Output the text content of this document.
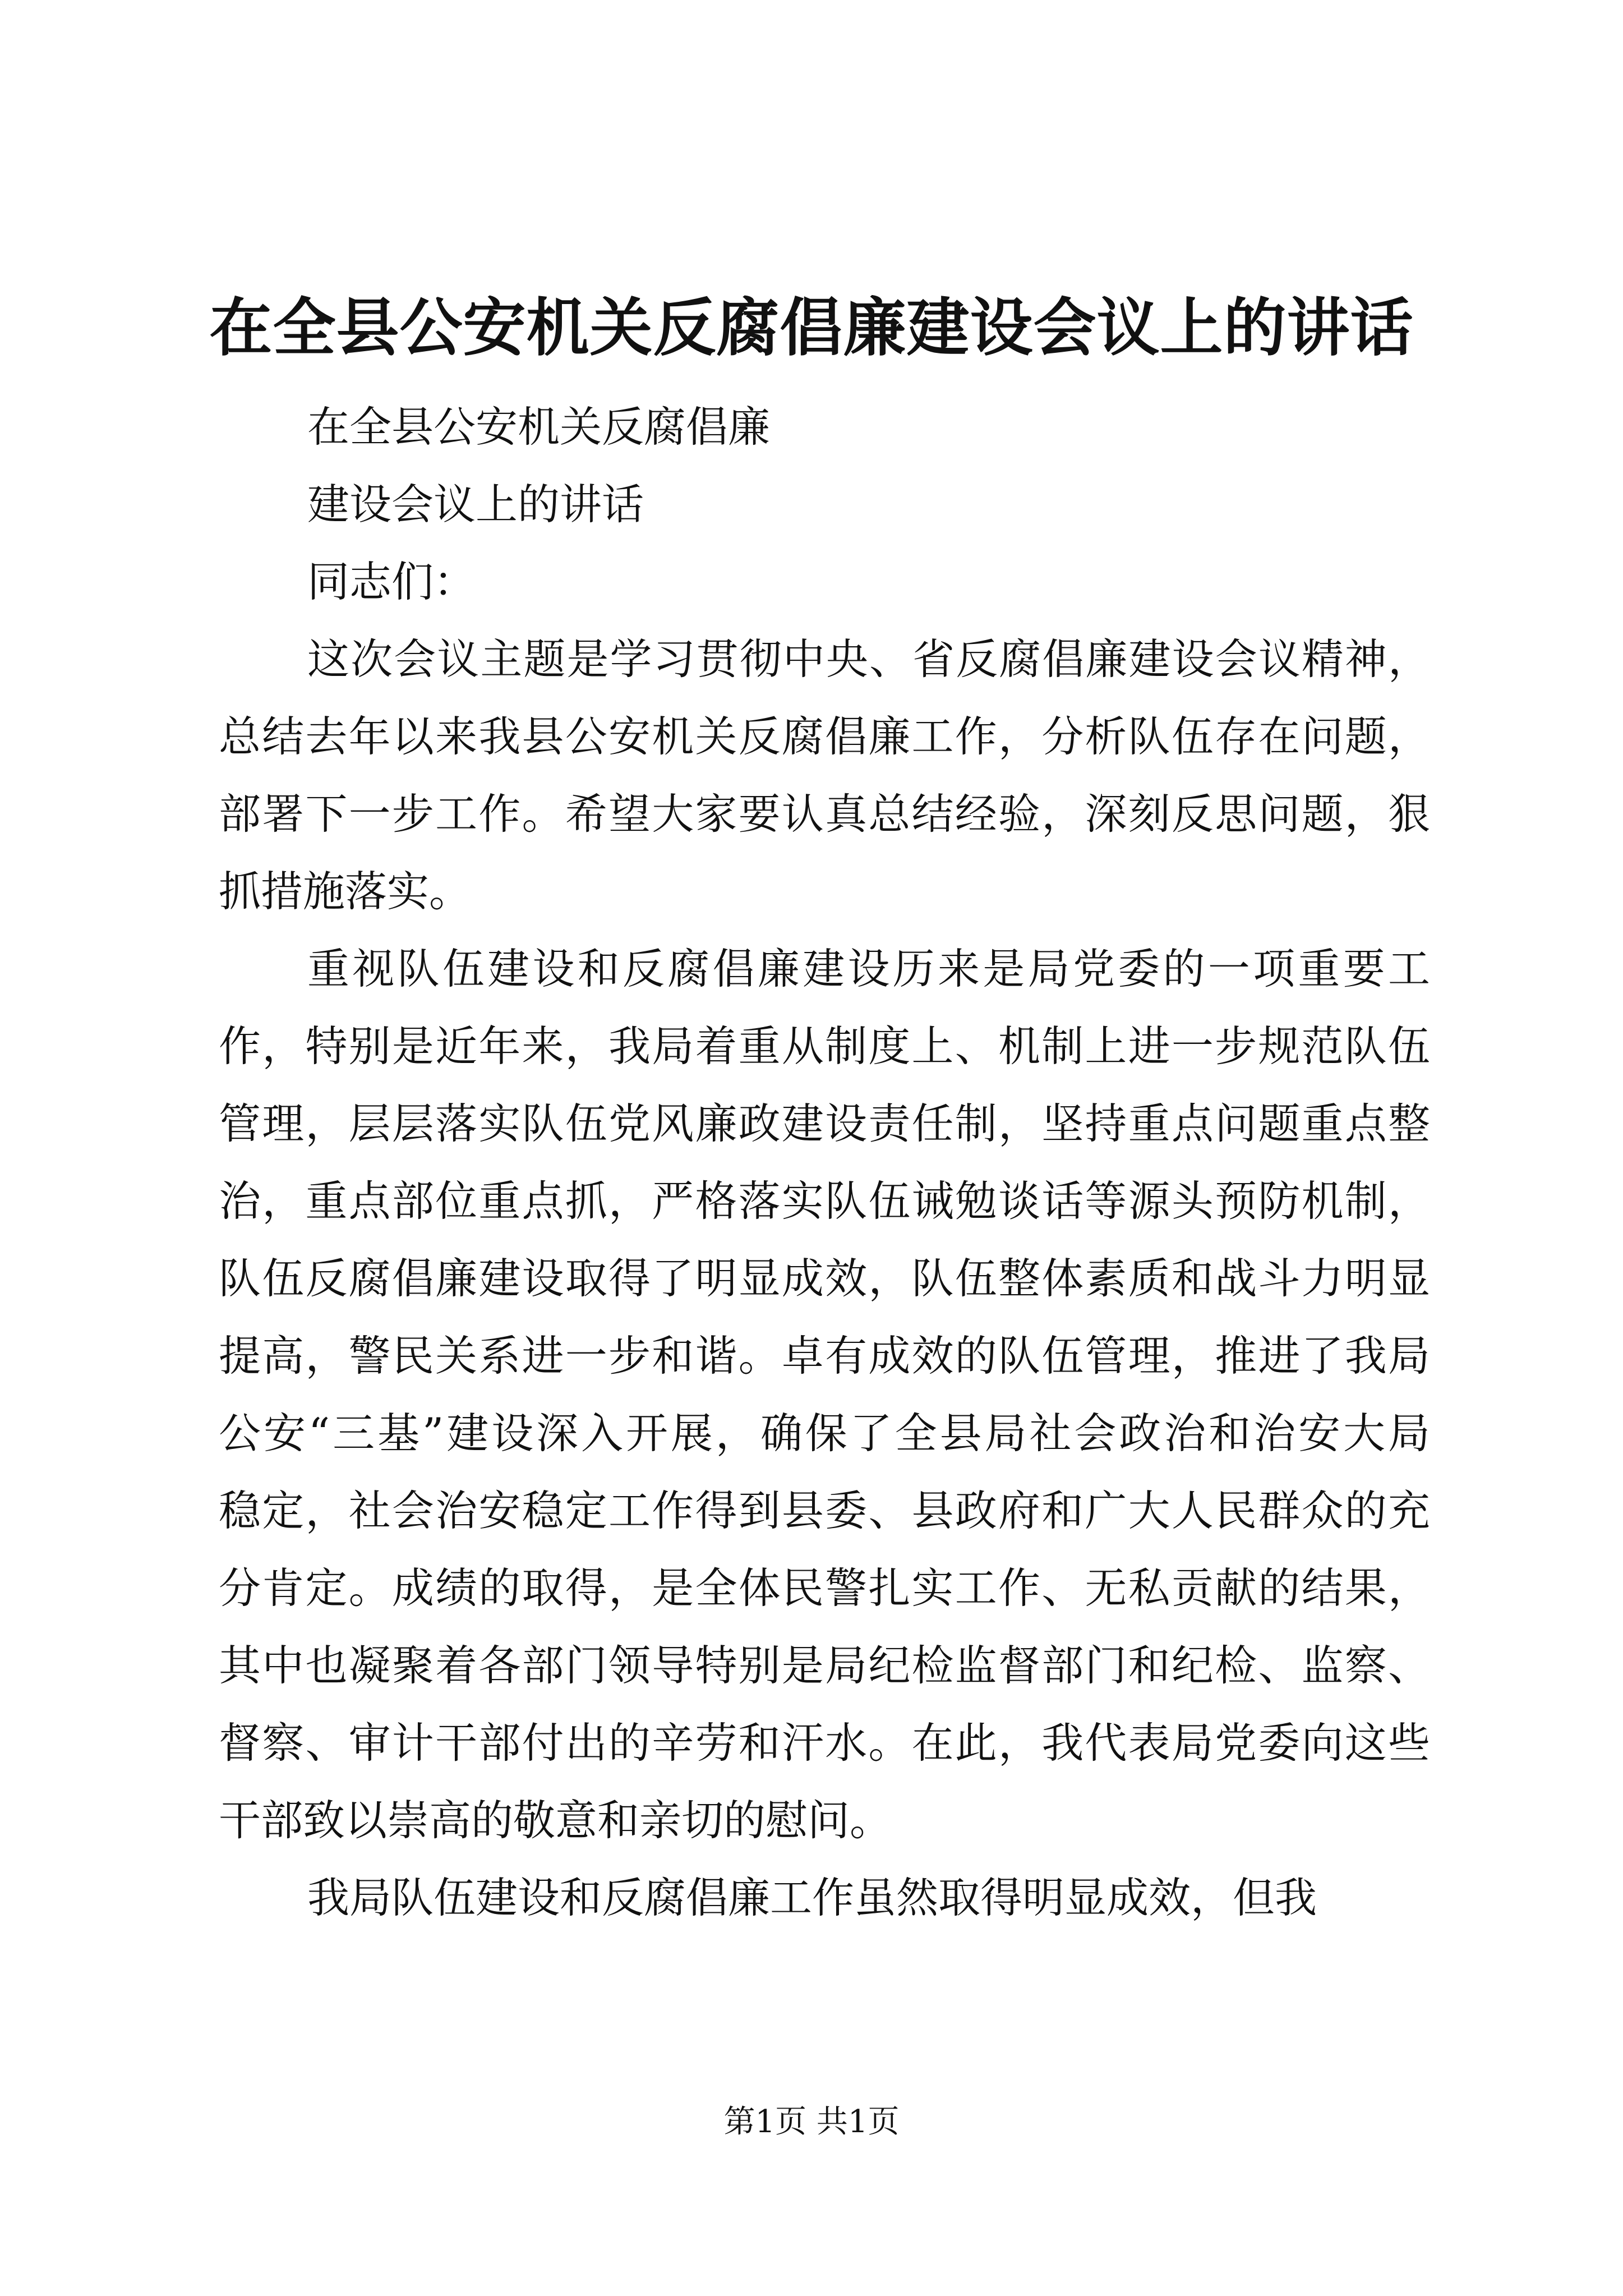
在全县公安机关反腐倡廉建设会议上的讲话
在全县公安机关反腐倡廉
建设会议上的讲话
同志们：
这次会议主题是学习贯彻中央、省反腐倡廉建设会议精神，
总结去年以来我县公安机关反腐倡廉工作，分析队伍存在问题，
部署下一步工作。希望大家要认真总结经验，深刻反思问题，狠
抓措施落实。
重视队伍建设和反腐倡廉建设历来是局党委的一项重要工
作，特别是近年来，我局着重从制度上、机制上进一步规范队伍
管理，层层落实队伍党风廉政建设责任制，坚持重点问题重点整
治，重点部位重点抓，严格落实队伍诫勉谈话等源头预防机制，
队伍反腐倡廉建设取得了明显成效，队伍整体素质和战斗力明显
提高，警民关系进一步和谐。卓有成效的队伍管理，推进了我局
公安“三基”建设深入开展，确保了全县局社会政治和治安大局
稳定，社会治安稳定工作得到县委、县政府和广大人民群众的充
分肯定。成绩的取得，是全体民警扎实工作、无私贡献的结果，
其中也凝聚着各部门领导特别是局纪检监督部门和纪检、监察、
督察、审计干部付出的辛劳和汗水。在此，我代表局党委向这些
干部致以崇高的敬意和亲切的慰问。
我局队伍建设和反腐倡廉工作虽然取得明显成效，但我
第1页 共1页
